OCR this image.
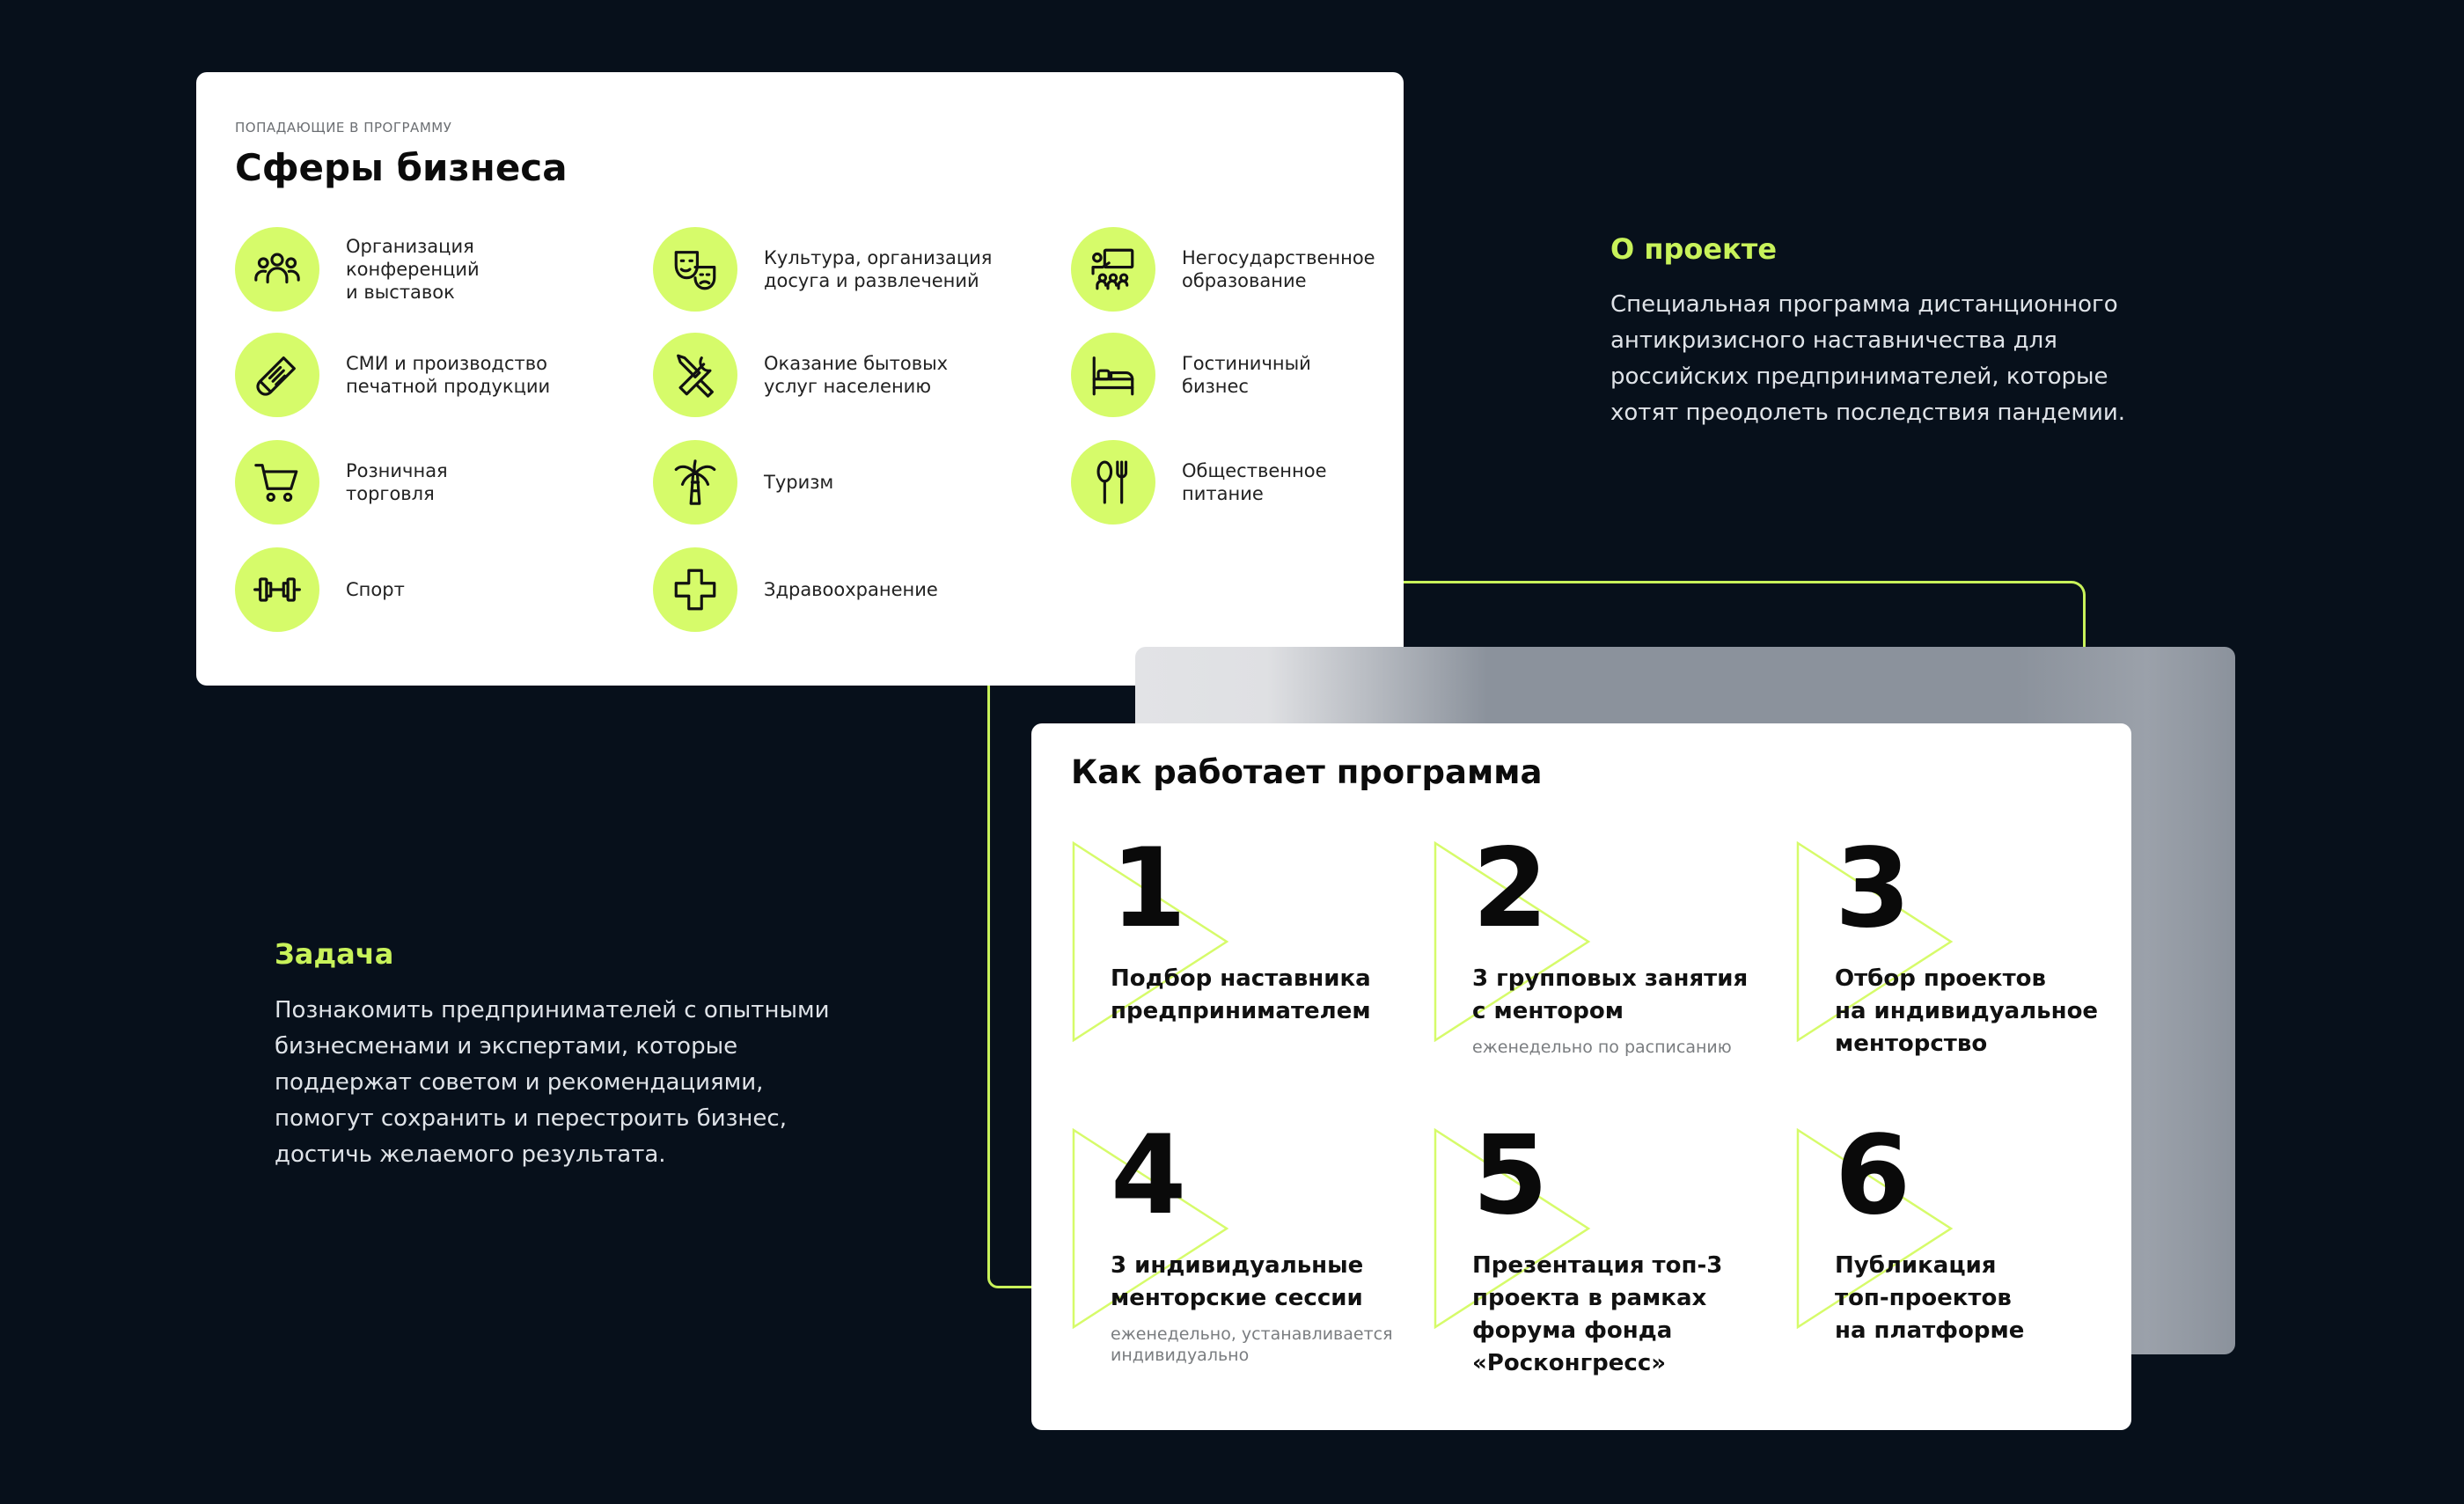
ПОПАДАЮЩИЕ В ПРОГРАММУ
Сферы бизнеса
Организация конференций
и выставок
Культура, организация
досуга и развлечений
Негосударственное
образование
СМИ и производство
печатной продукции
Оказание бытовых
услуг населению
Гостиничный
бизнес
Розничная
торговля
Туризм
Общественное
питание
Спорт	Здравоохранение
О проекте
Специальная программа дистанционного
антикризисного наставничества для
российских предпринимателей, которые
хотят преодолеть последствия пандемии.
Задача
Познакомить предпринимателей с опытными
бизнесменами и экспертами, которые
поддержат советом и рекомендациями,
помогут сохранить и перестроить бизнес,
достичь желаемого результата.
Как работает программа
1
Подбор наставника
предпринимателем
2
3 групповых занятия
с ментором
еженедельно по расписанию
3
Отбор проектов
на индивидуальное
менторство
4
3 индивидуальные
менторские сессии
еженедельно, устанавливается
индивидуально
5
Презентация топ-3
проекта в рамках
форума фонда
«Росконгресс»
6
Публикация
топ-проектов
на платформе
